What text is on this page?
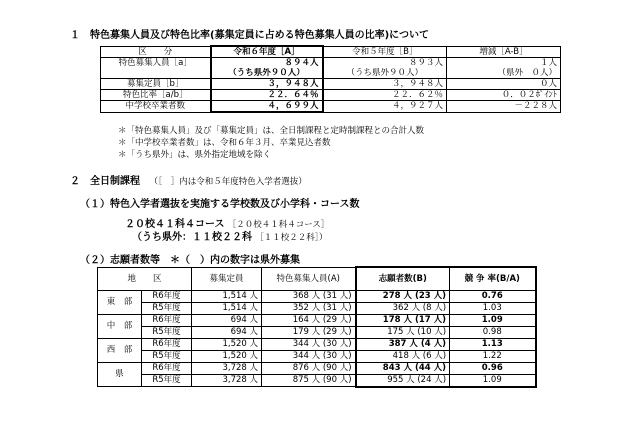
１　特色募集人員及び特色比率(募集定員に占める特色募集人員の比率)について
区　　分	令和６年度［A］	令和５年度［B］	増減［A-B］
特色募集人員［a］	８９４人	８９３人	１人
	（うち県外９０人）	（うち県外９０人）	（県外　０人）
募集定員［b］	３，９４８人	３，９４８人	０人
特色比率［a/b］	２２．６４％	２２．６２％	０．０２ﾎﾟｲﾝﾄ
中学校卒業者数	４，６９９人	４，９２７人	－２２８人
＊「特色募集人員」及び「募集定員」は、全日制課程と定時制課程との合計人数
＊「中学校卒業者数」は、令和６年３月、卒業見込者数
＊「うち県外」は、県外指定地域を除く
２　全日制課程 （［　］内は令和５年度特色入学者選抜）
（１）特色入学者選抜を実施する学校数及び小学科・コース数
２０校４１科４コース ［２０校４１科４コース］
（うち県外：１１校２２科 ［１１校２２科］）
（２）志願者数等　＊（　）内の数字は県外募集
地　　区		募集定員	特色募集人員(A)	志願者数(B)	競 争 率(B/A)
東　部	R6年度	1,514 人	368 人 (31 人)	278 人 (23 人)	0.76
	R5年度	1,514 人	352 人 (31 人)	362 人 (8 人)	1.03
中　部	R6年度	694 人	164 人 (29 人)	178 人 (17 人)	1.09
	R5年度	694 人	179 人 (29 人)	175 人 (10 人)	0.98
西　部	R6年度	1,520 人	344 人 (30 人)	387 人 (4 人)	1.13
	R5年度	1,520 人	344 人 (30 人)	418 人 (6 人)	1.22
県	R6年度	3,728 人	876 人 (90 人)	843 人 (44 人)	0.96
	R5年度	3,728 人	875 人 (90 人)	955 人 (24 人)	1.09
